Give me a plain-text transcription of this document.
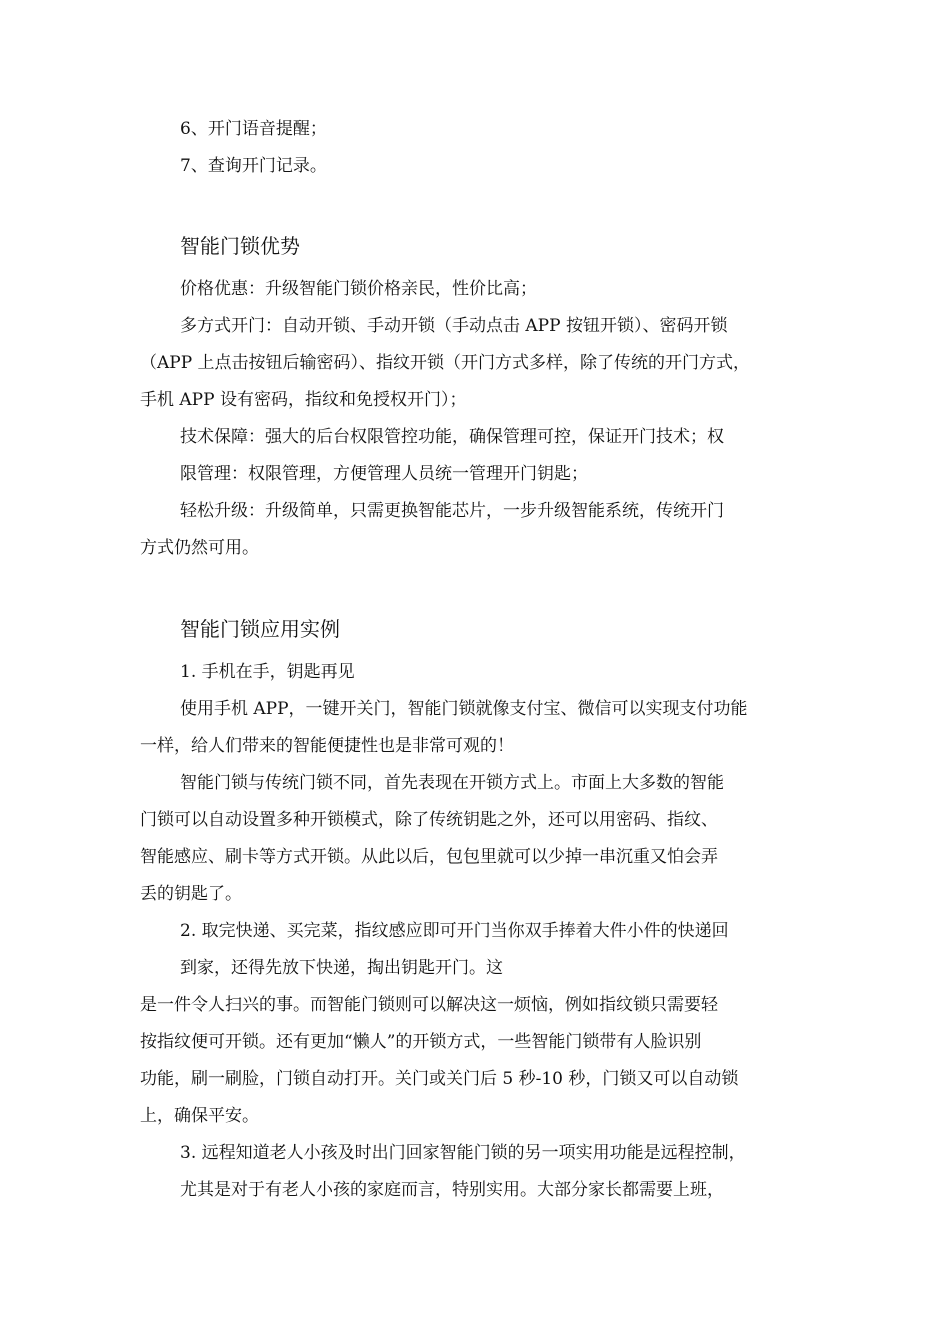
6、开门语音提醒；
7、查询开门记录。
智能门锁优势
价格优惠：升级智能门锁价格亲民，性价比高；
多方式开门：自动开锁、手动开锁（手动点击 APP 按钮开锁）、密码开锁
（APP 上点击按钮后输密码）、指纹开锁（开门方式多样，除了传统的开门方式，
手机 APP 设有密码，指纹和免授权开门）；
技术保障：强大的后台权限管控功能，确保管理可控，保证开门技术；权
限管理：权限管理，方便管理人员统一管理开门钥匙；
轻松升级：升级简单，只需更换智能芯片，一步升级智能系统，传统开门
方式仍然可用。
智能门锁应用实例
1. 手机在手，钥匙再见
使用手机 APP，一键开关门，智能门锁就像支付宝、微信可以实现支付功能
一样，给人们带来的智能便捷性也是非常可观的！
智能门锁与传统门锁不同，首先表现在开锁方式上。市面上大多数的智能
门锁可以自动设置多种开锁模式，除了传统钥匙之外，还可以用密码、指纹、
智能感应、刷卡等方式开锁。从此以后，包包里就可以少掉一串沉重又怕会弄
丢的钥匙了。
2. 取完快递、买完菜，指纹感应即可开门当你双手捧着大件小件的快递回
到家，还得先放下快递，掏出钥匙开门。这
是一件令人扫兴的事。而智能门锁则可以解决这一烦恼，例如指纹锁只需要轻
按指纹便可开锁。还有更加“懒人”的开锁方式，一些智能门锁带有人脸识别
功能，刷一刷脸，门锁自动打开。关门或关门后 5 秒-10 秒，门锁又可以自动锁
上，确保平安。
3. 远程知道老人小孩及时出门回家智能门锁的另一项实用功能是远程控制，
尤其是对于有老人小孩的家庭而言，特别实用。大部分家长都需要上班，
